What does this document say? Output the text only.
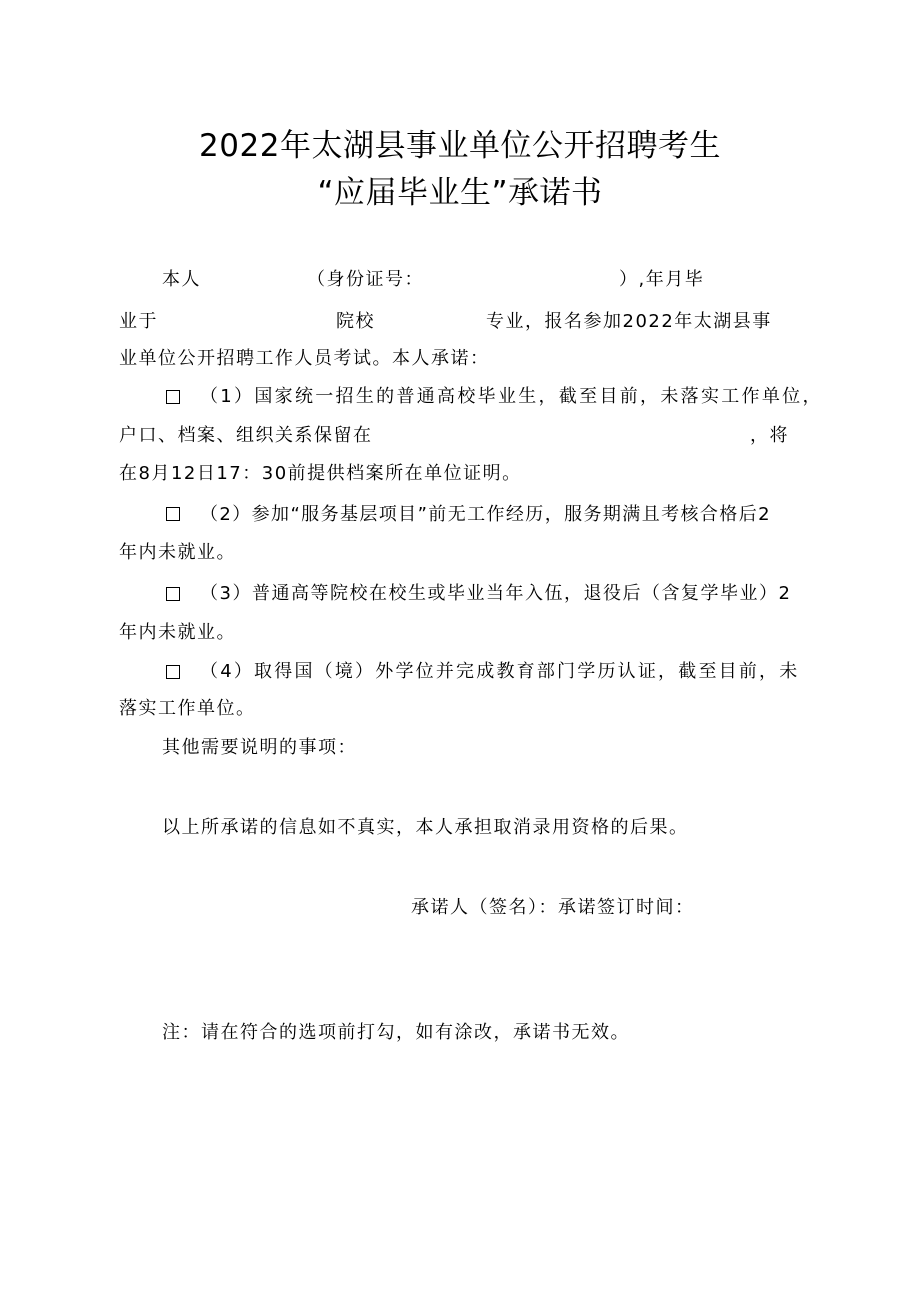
2022年太湖县事业单位公开招聘考生
“应届毕业生”承诺书
本人	（身份证号：	）,年月毕
业于	院校	专业，报名参加2022年太湖县事
业单位公开招聘工作人员考试。本人承诺：
（1）国家统一招生的普通高校毕业生，截至目前，未落实工作单位，
户口、档案、组织关系保留在	，将
在8月12日17：30前提供档案所在单位证明。
（2）参加“服务基层项目”前无工作经历，服务期满且考核合格后2
年内未就业。
（3）普通高等院校在校生或毕业当年入伍，退役后（含复学毕业）2
年内未就业。
（4）取得国（境）外学位并完成教育部门学历认证，截至目前，未
落实工作单位。
其他需要说明的事项：
以上所承诺的信息如不真实，本人承担取消录用资格的后果。
承诺人（签名）：承诺签订时间：
注：请在符合的选项前打勾，如有涂改，承诺书无效。
